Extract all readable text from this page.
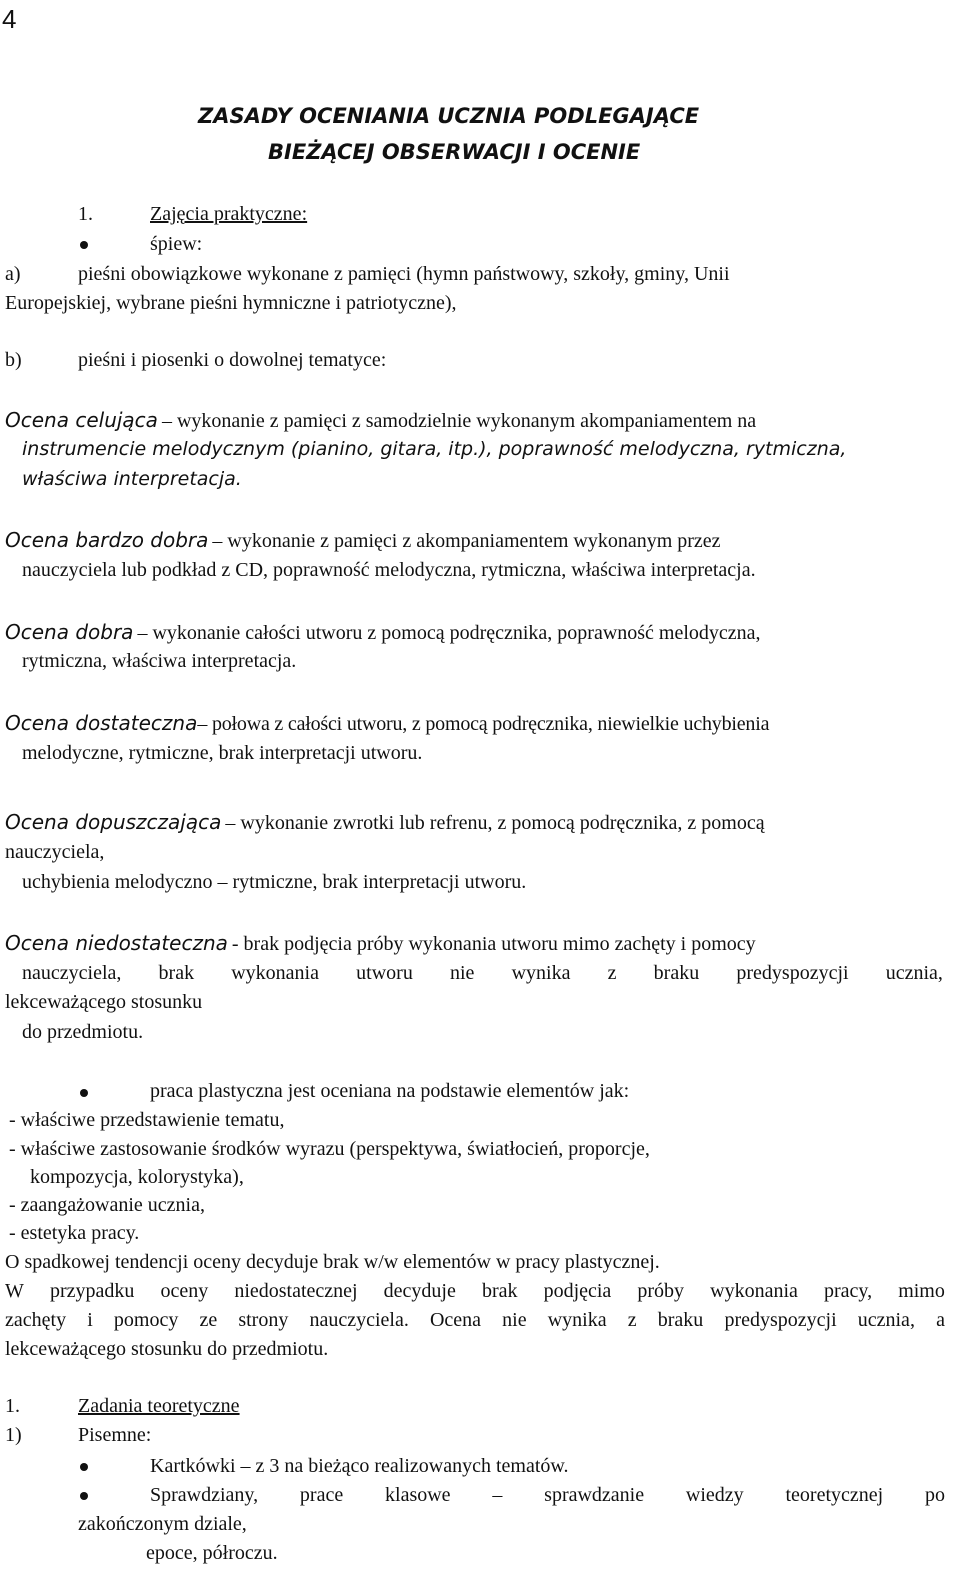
4
ZASADY OCENIANIA UCZNIA PODLEGAJĄCE
BIEŻĄCEJ OBSERWACJI I OCENIE
1.	Zajęcia praktyczne:
śpiew:
a)	pieśni obowiązkowe wykonane z pamięci (hymn państwowy, szkoły, gminy, Unii
Europejskiej, wybrane pieśni hymniczne i patriotyczne),
b)	pieśni i piosenki o dowolnej tematyce:
Ocena celująca – wykonanie z pamięci z samodzielnie wykonanym akompaniamentem na
instrumencie melodycznym (pianino, gitara, itp.), poprawność melodyczna, rytmiczna,
właściwa interpretacja.
Ocena bardzo dobra – wykonanie z pamięci z akompaniamentem wykonanym przez
nauczyciela lub podkład z CD, poprawność melodyczna, rytmiczna, właściwa interpretacja.
Ocena dobra – wykonanie całości utworu z pomocą podręcznika, poprawność melodyczna,
rytmiczna, właściwa interpretacja.
Ocena dostateczna– połowa z całości utworu, z pomocą podręcznika, niewielkie uchybienia
melodyczne, rytmiczne, brak interpretacji utworu.
Ocena dopuszczająca – wykonanie zwrotki lub refrenu, z pomocą podręcznika, z pomocą
nauczyciela,
uchybienia melodyczno – rytmiczne, brak interpretacji utworu.
Ocena niedostateczna - brak podjęcia próby wykonania utworu mimo zachęty i pomocy
nauczyciela, brak wykonania utworu nie wynika z braku predyspozycji ucznia,
lekceważącego stosunku
do przedmiotu.
praca plastyczna jest oceniana na podstawie elementów jak:
- właściwe przedstawienie tematu,
- właściwe zastosowanie środków wyrazu (perspektywa, światłocień, proporcje,
kompozycja, kolorystyka),
- zaangażowanie ucznia,
- estetyka pracy.
O spadkowej tendencji oceny decyduje brak w/w elementów w pracy plastycznej.
W przypadku oceny niedostatecznej decyduje brak podjęcia próby wykonania pracy, mimo
zachęty i pomocy ze strony nauczyciela. Ocena nie wynika z braku predyspozycji ucznia, a
lekceważącego stosunku do przedmiotu.
1.	Zadania teoretyczne
1)	Pisemne:
Kartkówki – z 3 na bieżąco realizowanych tematów.
Sprawdziany, prace klasowe – sprawdzanie wiedzy teoretycznej po
zakończonym dziale,
epoce, półroczu.
